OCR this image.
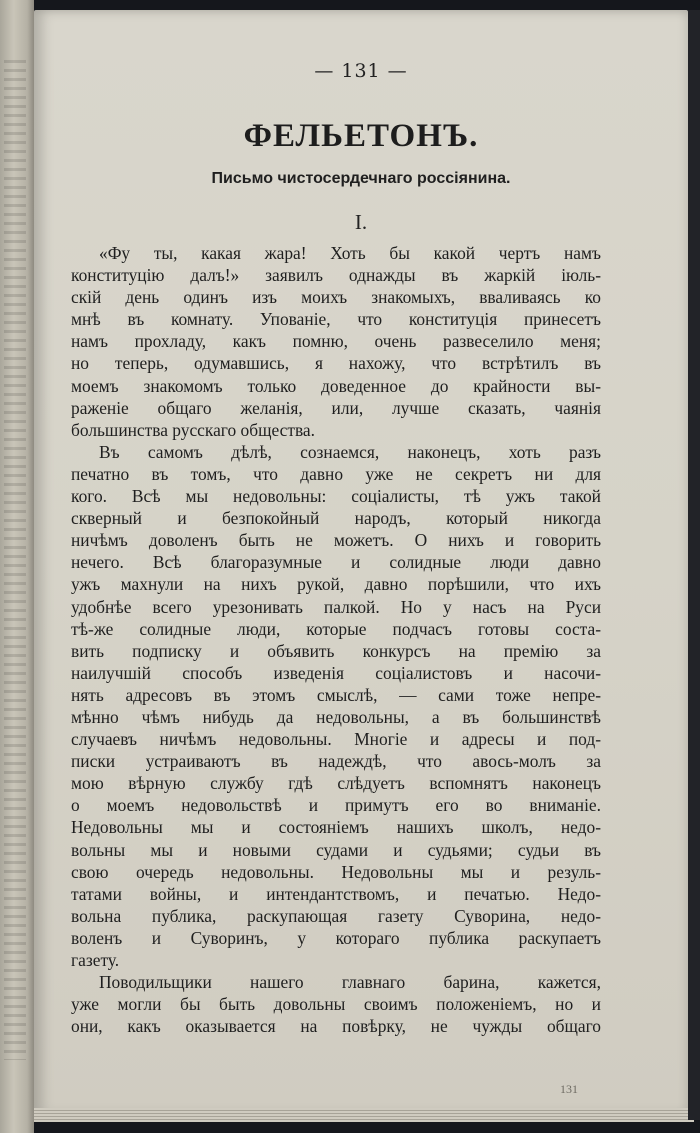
— 131 —
ФЕЛЬЕТОНЪ.
Письмо чистосердечнаго россіянина.
I.
«Фу ты, какая жара! Хоть бы какой чертъ намъ
конституцію далъ!» заявилъ однажды въ жаркій іюль-
скій день одинъ изъ моихъ знакомыхъ, вваливаясь ко
мнѣ въ комнату. Упованіе, что конституція принесетъ
намъ прохладу, какъ помню, очень развеселило меня;
но теперь, одумавшись, я нахожу, что встрѣтилъ въ
моемъ знакомомъ только доведенное до крайности вы-
раженіе общаго желанія, или, лучше сказать, чаянія
большинства русскаго общества.
Въ самомъ дѣлѣ, сознаемся, наконецъ, хоть разъ
печатно въ томъ, что давно уже не секретъ ни для
кого. Всѣ мы недовольны: соціалисты, тѣ ужъ такой
скверный и безпокойный народъ, который никогда
ничѣмъ доволенъ быть не можетъ. О нихъ и говорить
нечего. Всѣ благоразумные и солидные люди давно
ужъ махнули на нихъ рукой, давно порѣшили, что ихъ
удобнѣе всего урезонивать палкой. Но у насъ на Руси
тѣ-же солидные люди, которые подчасъ готовы соста-
вить подписку и объявить конкурсъ на премію за
наилучшій способъ изведенія соціалистовъ и насочи-
нять адресовъ въ этомъ смыслѣ, — сами тоже непре-
мѣнно чѣмъ нибудь да недовольны, а въ большинствѣ
случаевъ ничѣмъ недовольны. Многіе и адресы и под-
писки устраиваютъ въ надеждѣ, что авось-молъ за
мою вѣрную службу гдѣ слѣдуетъ вспомнятъ наконецъ
о моемъ недовольствѣ и примутъ его во вниманіе.
Недовольны мы и состояніемъ нашихъ школъ, недо-
вольны мы и новыми судами и судьями; судьи въ
свою очередь недовольны. Недовольны мы и резуль-
татами войны, и интендантствомъ, и печатью. Недо-
вольна публика, раскупающая газету Суворина, недо-
воленъ и Суворинъ, у котораго публика раскупаетъ
газету.
Поводильщики нашего главнаго барина, кажется,
уже могли бы быть довольны своимъ положеніемъ, но и
они, какъ оказывается на повѣрку, не чужды общаго
131
